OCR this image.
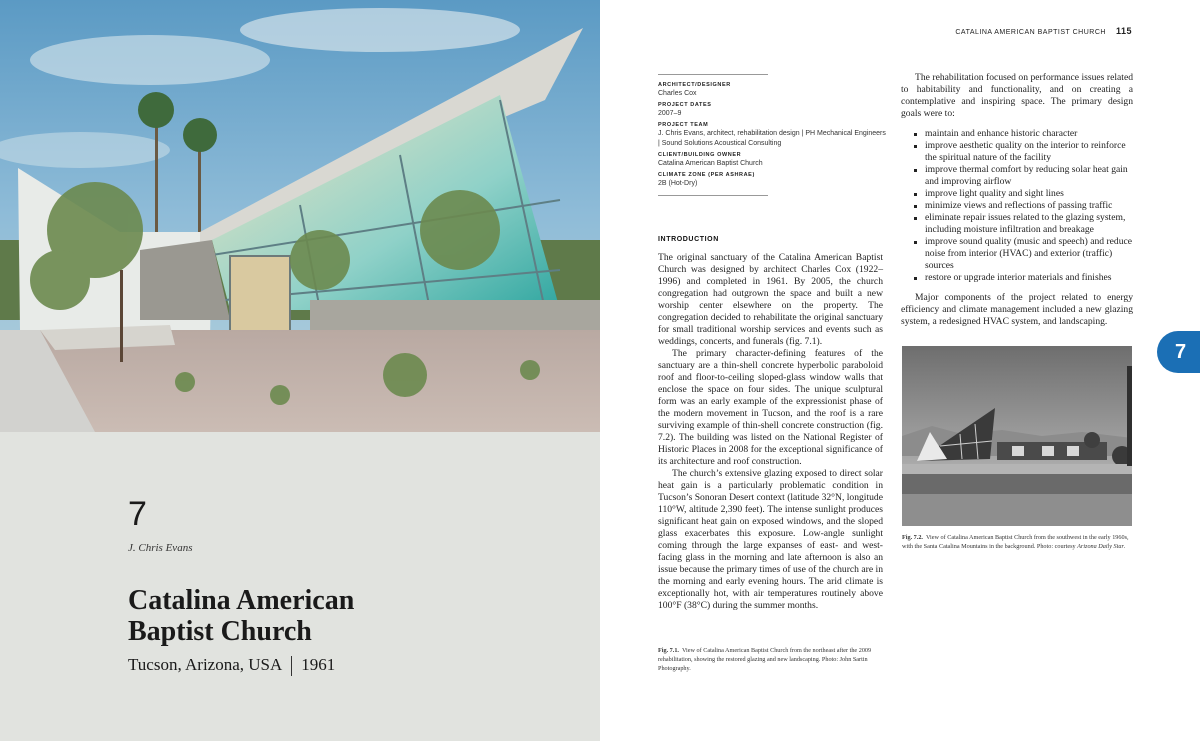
7
J. Chris Evans
Catalina American
Baptist Church
Tucson, Arizona, USA 1961
CATALINA AMERICAN BAPTIST CHURCH 115
ARCHITECT/DESIGNER
Charles Cox
PROJECT DATES
2007–9
PROJECT TEAM
J. Chris Evans, architect, rehabilitation design | PH Mechanical Engineers | Sound Solutions Acoustical Consulting
CLIENT/BUILDING OWNER
Catalina American Baptist Church
CLIMATE ZONE (PER ASHRAE)
2B (Hot-Dry)
INTRODUCTION

The original sanctuary of the Catalina American Baptist Church was designed by architect Charles Cox (1922–1996) and completed in 1961. By 2005, the church congregation had outgrown the space and built a new worship center elsewhere on the property. The congregation decided to rehabilitate the original sanctuary for small traditional worship services and events such as weddings, concerts, and funerals (fig. 7.1).

The primary character-defining features of the sanctuary are a thin-shell concrete hyperbolic paraboloid roof and floor-to-ceiling sloped-glass window walls that enclose the space on four sides. The unique sculptural form was an early example of the expressionist phase of the modern movement in Tucson, and the roof is a rare surviving example of thin-shell concrete construction (fig. 7.2). The building was listed on the National Register of Historic Places in 2008 for the exceptional significance of its architecture and roof construction.

The church’s extensive glazing exposed to direct solar heat gain is a particularly problematic condition in Tucson’s Sonoran Desert context (latitude 32°N, longitude 110°W, altitude 2,390 feet). The intense sunlight produces significant heat gain on exposed windows, and the sloped glass exacerbates this exposure. Low-angle sunlight coming through the large expanses of east- and west-facing glass in the morning and late afternoon is also an issue because the primary times of use of the church are in the morning and early evening hours. The arid climate is exceptionally hot, with air temperatures routinely above 100°F (38°C) during the summer months.

The rehabilitation focused on performance issues related to habitability and functionality, and on creating a contemplative and inspiring space. The primary design goals were to:

maintain and enhance historic character
improve aesthetic quality on the interior to reinforce the spiritual nature of the facility
improve thermal comfort by reducing solar heat gain and improving airflow
improve light quality and sight lines
minimize views and reflections of passing traffic
eliminate repair issues related to the glazing system, including moisture infiltration and breakage
improve sound quality (music and speech) and reduce noise from interior (HVAC) and exterior (traffic) sources
restore or upgrade interior materials and finishes

Major components of the project related to energy efficiency and climate management included a new glazing system, a redesigned HVAC system, and landscaping.

Fig. 7.1. View of Catalina American Baptist Church from the northeast after the 2009 rehabilitation, showing the restored glazing and new landscaping. Photo: John Sartin Photography.
Fig. 7.2. View of Catalina American Baptist Church from the southwest in the early 1960s, with the Santa Catalina Mountains in the background. Photo: courtesy Arizona Daily Star.
7
